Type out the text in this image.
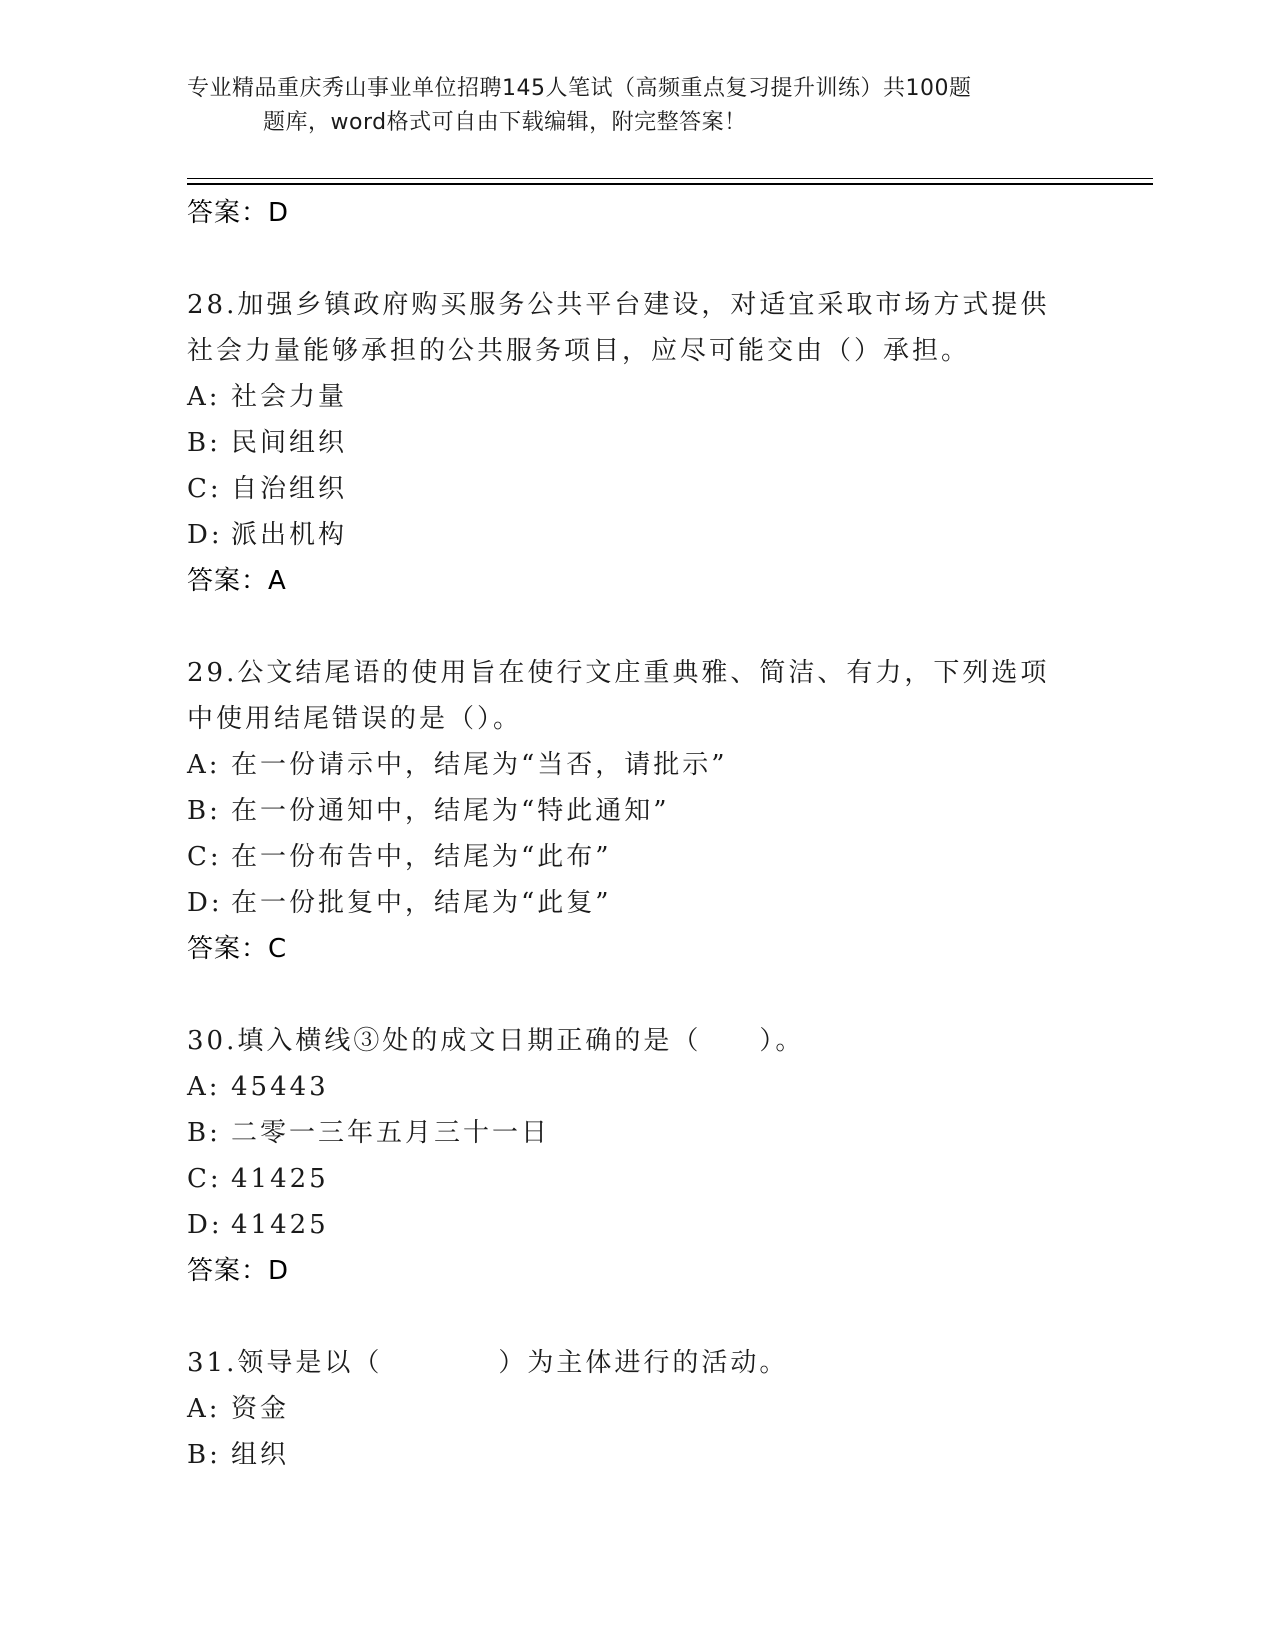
专业精品重庆秀山事业单位招聘145人笔试（高频重点复习提升训练）共100题
题库，word格式可自由下载编辑，附完整答案！
答案：D
28.加强乡镇政府购买服务公共平台建设，对适宜采取市场方式提供社会力量能够承担的公共服务项目，应尽可能交由（）承担。
A: 社会力量
B: 民间组织
C: 自治组织
D: 派出机构
答案：A
29.公文结尾语的使用旨在使行文庄重典雅、简洁、有力，下列选项中使用结尾错误的是（）。
A: 在一份请示中，结尾为“当否，请批示”
B: 在一份通知中，结尾为“特此通知”
C: 在一份布告中，结尾为“此布”
D: 在一份批复中，结尾为“此复”
答案：C
30.填入横线③处的成文日期正确的是（　　）。
A: 45443
B: 二零一三年五月三十一日
C: 41425
D: 41425
答案：D
31.领导是以（　　　　）为主体进行的活动。
A: 资金
B: 组织
